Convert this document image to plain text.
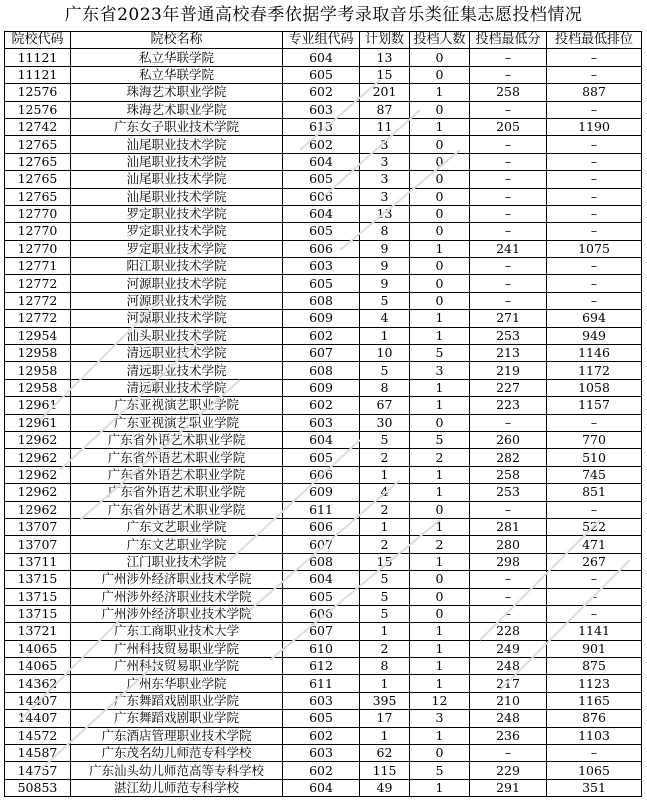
广东省2023年普通高校春季依据学考录取音乐类征集志愿投档情况
院校代码	院校名称	专业组代码	计划数	投档人数	投档最低分	投档最低排位
11121	私立华联学院	604	13	0	–	–
11121	私立华联学院	605	15	0	–	–
12576	珠海艺术职业学院	602	201	1	258	887
12576	珠海艺术职业学院	603	87	0	–	–
12742	广东女子职业技术学院	613	11	1	205	1190
12765	汕尾职业技术学院	602	3	0	–	–
12765	汕尾职业技术学院	604	3	0	–	–
12765	汕尾职业技术学院	605	3	0	–	–
12765	汕尾职业技术学院	606	3	0	–	–
12770	罗定职业技术学院	604	13	0	–	–
12770	罗定职业技术学院	605	8	0	–	–
12770	罗定职业技术学院	606	9	1	241	1075
12771	阳江职业技术学院	603	9	0	–	–
12772	河源职业技术学院	605	9	0	–	–
12772	河源职业技术学院	608	5	0	–	–
12772	河源职业技术学院	609	4	1	271	694
12954	汕头职业技术学院	602	1	1	253	949
12958	清远职业技术学院	607	10	5	213	1146
12958	清远职业技术学院	608	5	3	219	1172
12958	清远职业技术学院	609	8	1	227	1058
12961	广东亚视演艺职业学院	602	67	1	223	1157
12961	广东亚视演艺职业学院	603	30	0	–	–
12962	广东省外语艺术职业学院	604	5	5	260	770
12962	广东省外语艺术职业学院	605	2	2	282	510
12962	广东省外语艺术职业学院	606	1	1	258	745
12962	广东省外语艺术职业学院	609	4	1	253	851
12962	广东省外语艺术职业学院	611	2	0	–	–
13707	广东文艺职业学院	606	1	1	281	522
13707	广东文艺职业学院	607	2	2	280	471
13711	江门职业技术学院	608	15	1	298	267
13715	广州涉外经济职业技术学院	604	5	0	–	–
13715	广州涉外经济职业技术学院	605	5	0	–	–
13715	广州涉外经济职业技术学院	606	5	0	–	–
13721	广东工商职业技术大学	607	1	1	228	1141
14065	广州科技贸易职业学院	610	2	1	249	901
14065	广州科技贸易职业学院	612	8	1	248	875
14362	广州东华职业学院	611	1	1	217	1123
14407	广东舞蹈戏剧职业学院	603	395	12	210	1165
14407	广东舞蹈戏剧职业学院	605	17	3	248	876
14572	广东酒店管理职业技术学院	602	1	1	236	1103
14587	广东茂名幼儿师范专科学校	603	62	0	–	–
14757	广东汕头幼儿师范高等专科学校	602	115	5	229	1065
50853	湛江幼儿师范专科学校	604	49	1	291	351
